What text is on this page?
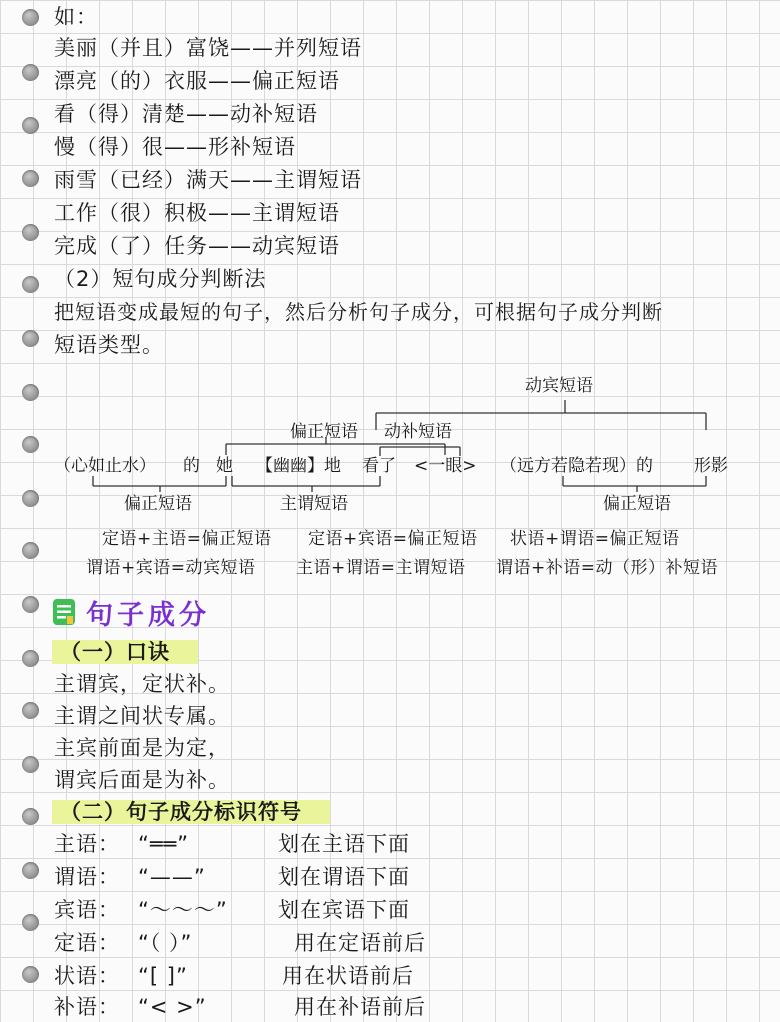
如：
美丽（并且）富饶——并列短语
漂亮（的）衣服——偏正短语
看（得）清楚——动补短语
慢（得）很——形补短语
雨雪（已经）满天——主谓短语
工作（很）积极——主谓短语
完成（了）任务——动宾短语
（2）短句成分判断法
把短语变成最短的句子，然后分析句子成分，可根据句子成分判断
短语类型。
动宾短语
偏正短语 动补短语
（心如止水） 的 她 【幽幽】地 看了 <一眼> （远方若隐若现）的 形影
偏正短语	主谓短语	偏正短语
定语+主语=偏正短语 定语+宾语=偏正短语 状语+谓语=偏正短语
谓语+宾语=动宾短语 主语+谓语=主谓短语 谓语+补语=动（形）补短语
句子成分
（一）口诀
主谓宾，定状补。
主谓之间状专属。
主宾前面是为定，
谓宾后面是为补。
（二）句子成分标识符号
主语： “══”	划在主语下面
谓语： “——”	划在谓语下面
宾语： “～～～” 划在宾语下面
定语： “（ ）”	用在定语前后
状语： “[ ]”	用在状语前后
补语： “< >”	用在补语前后
